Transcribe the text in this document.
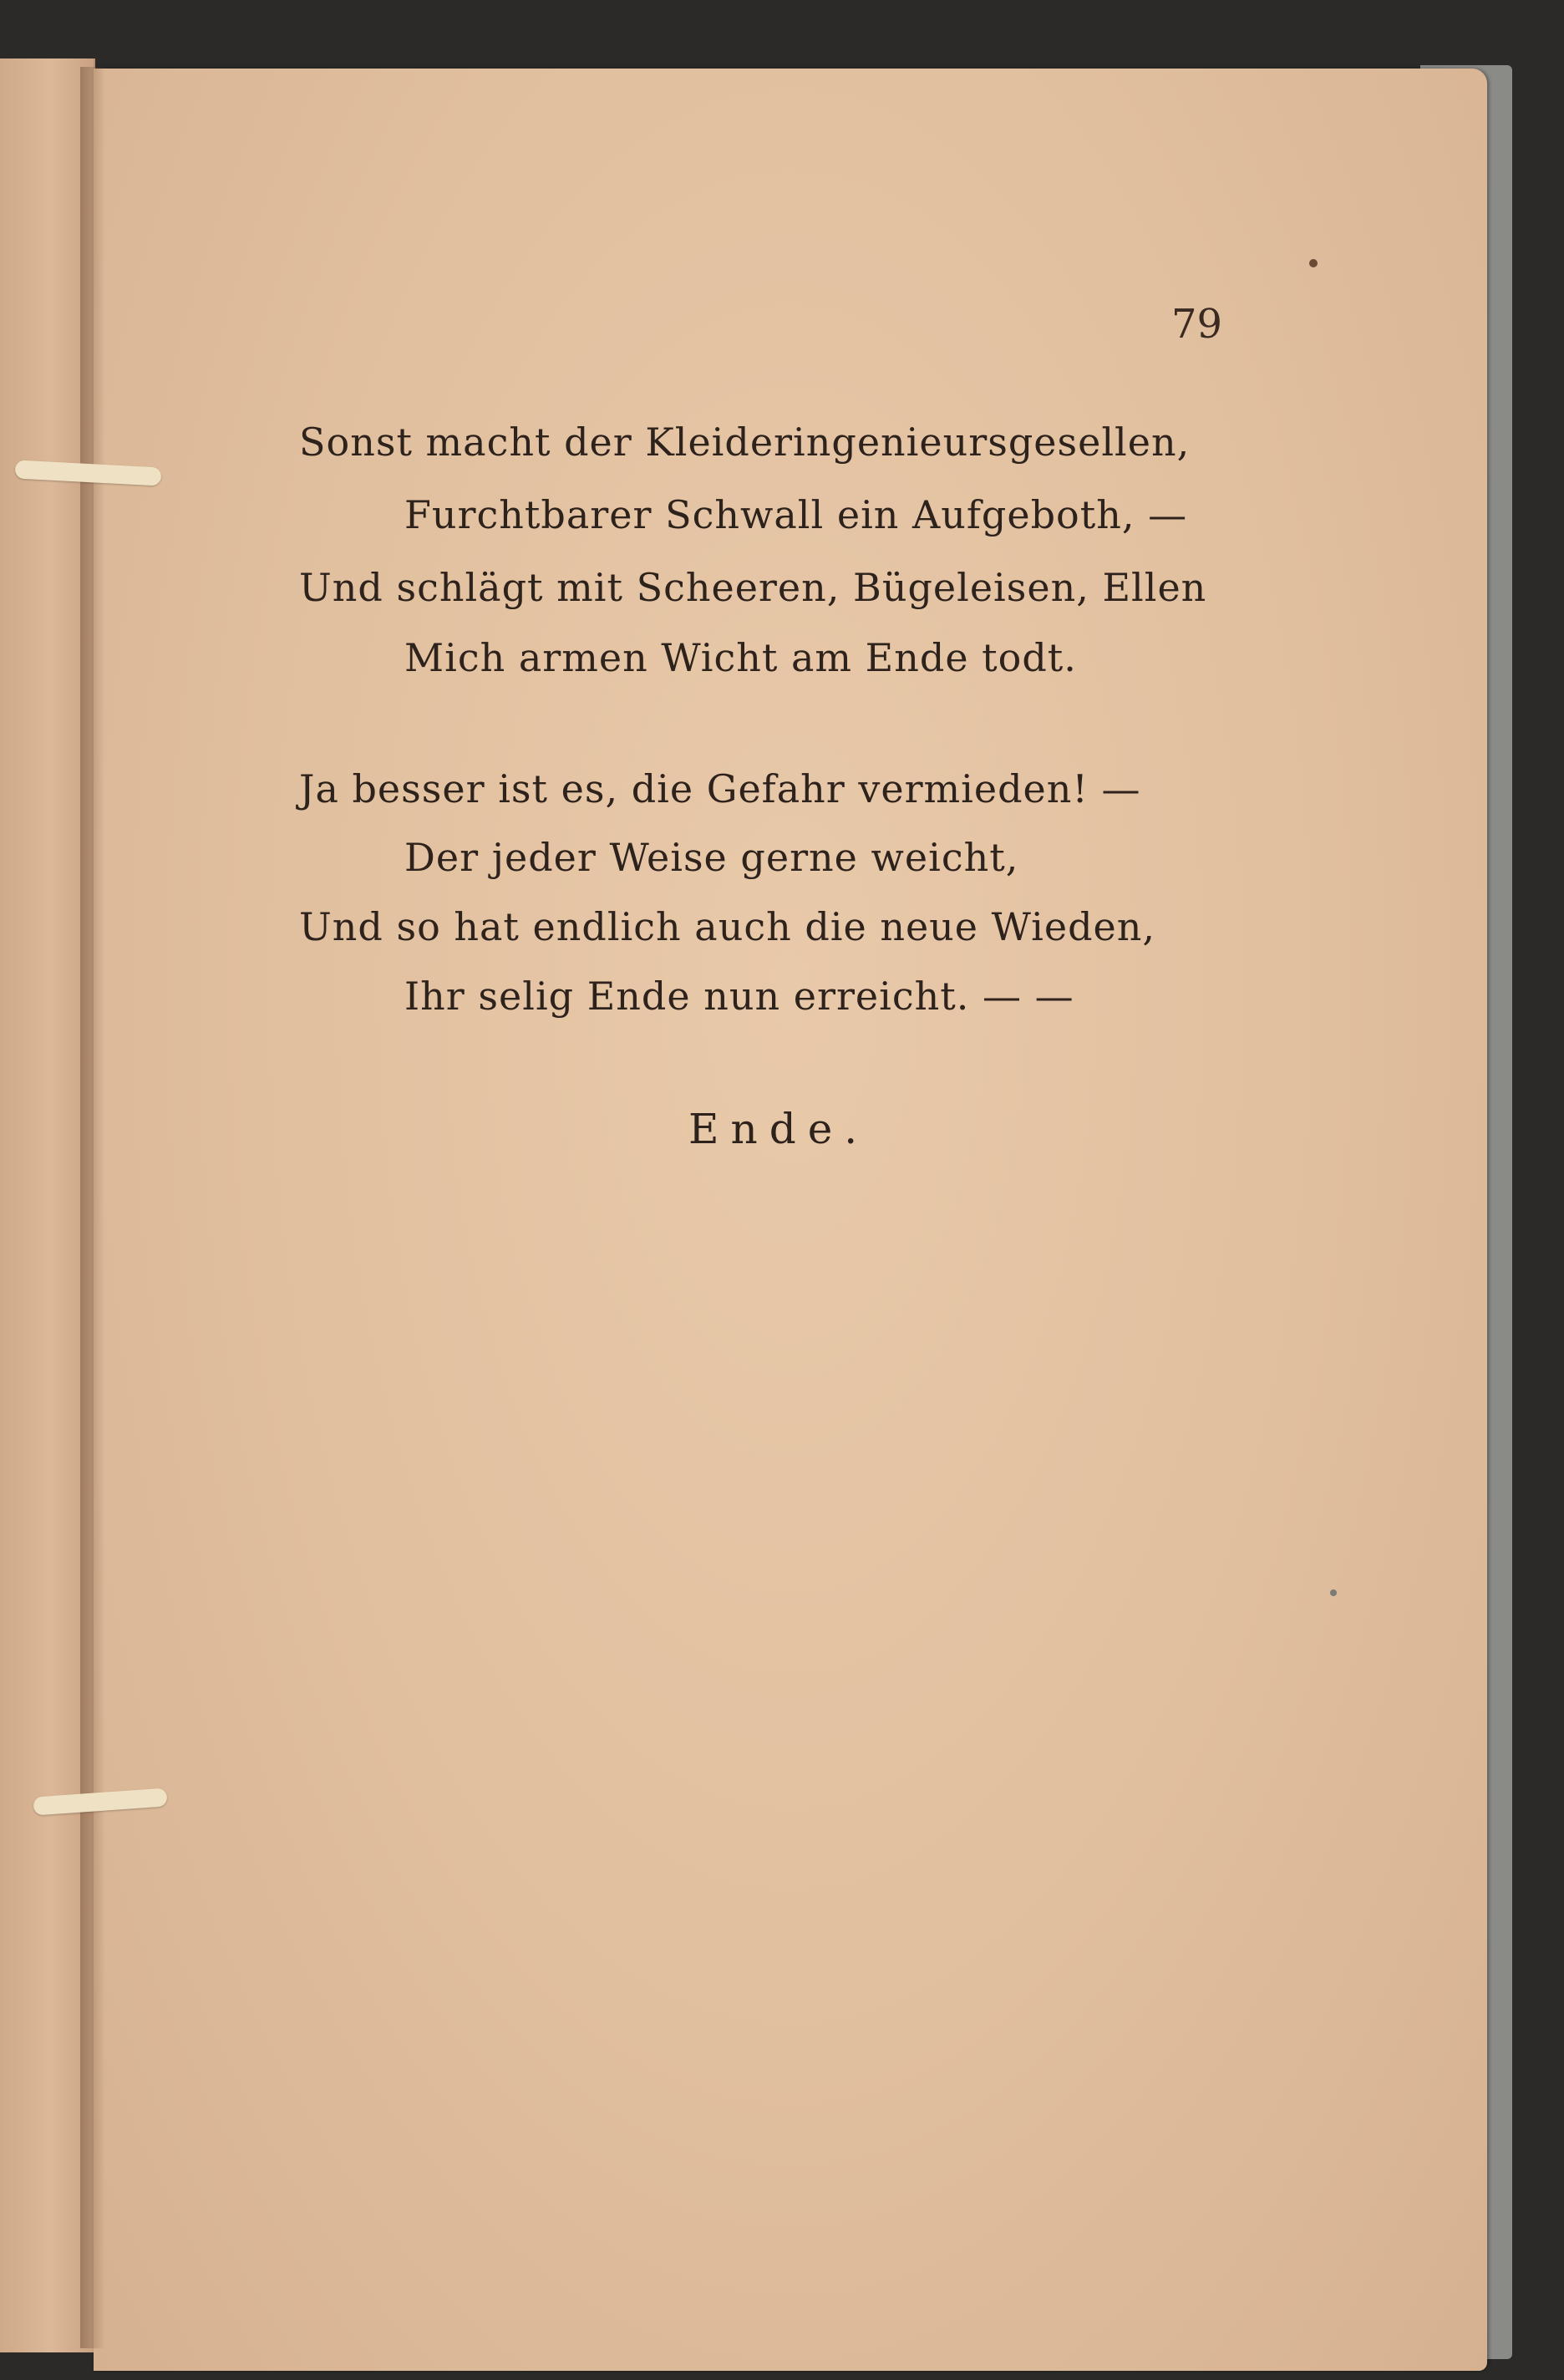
79
Sonst macht der Kleideringenieursgesellen,
Furchtbarer Schwall ein Aufgeboth, —
Und schlägt mit Scheeren, Bügeleisen, Ellen
Mich armen Wicht am Ende todt.
Ja besser ist es, die Gefahr vermieden! —
Der jeder Weise gerne weicht,
Und so hat endlich auch die neue Wieden,
Ihr selig Ende nun erreicht. — —
Ende.
